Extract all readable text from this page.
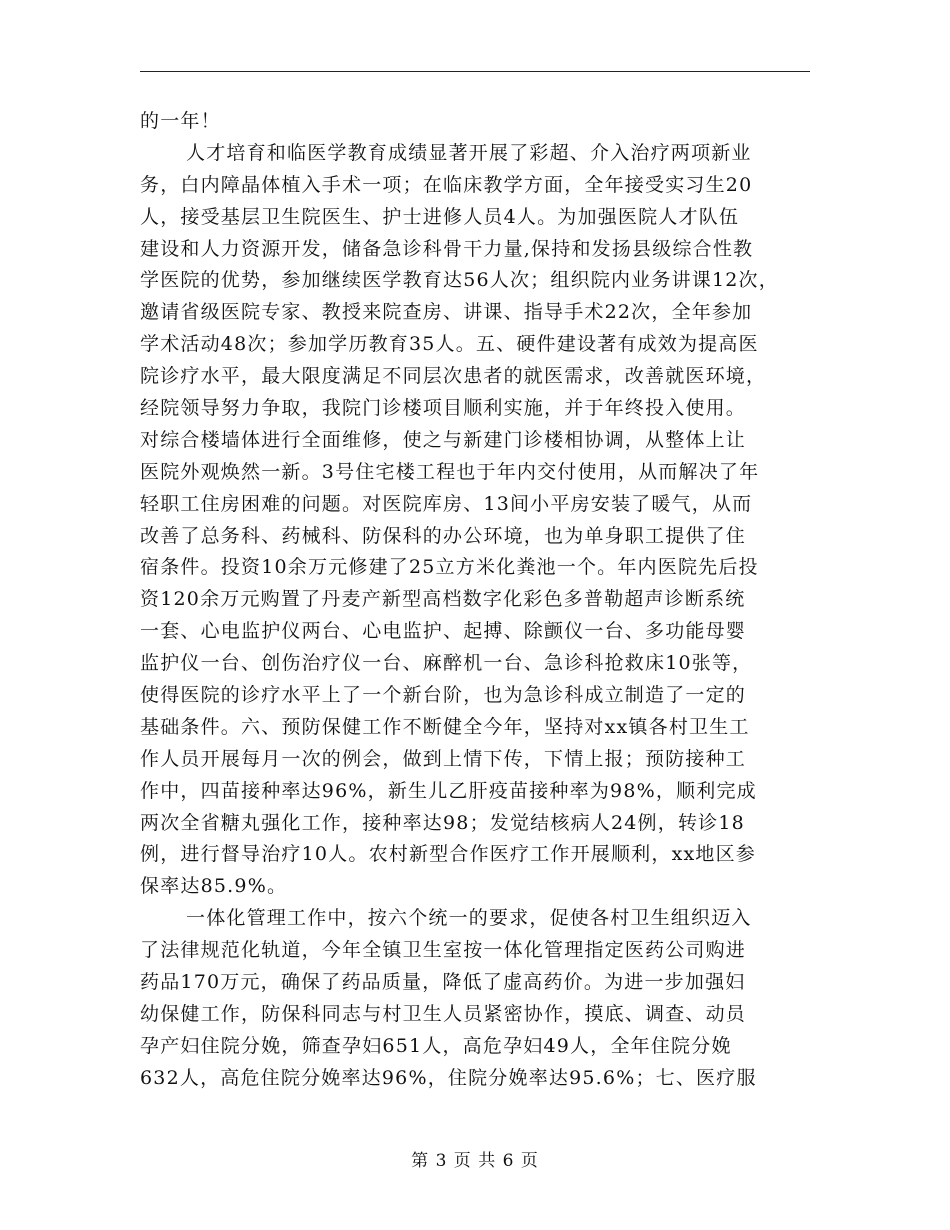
的一年！
人才培育和临医学教育成绩显著开展了彩超、介入治疗两项新业
务，白内障晶体植入手术一项；在临床教学方面，全年接受实习生20
人，接受基层卫生院医生、护士进修人员4人。为加强医院人才队伍
建设和人力资源开发，储备急诊科骨干力量,保持和发扬县级综合性教
学医院的优势，参加继续医学教育达56人次；组织院内业务讲课12次，
邀请省级医院专家、教授来院查房、讲课、指导手术22次，全年参加
学术活动48次；参加学历教育35人。五、硬件建设著有成效为提高医
院诊疗水平，最大限度满足不同层次患者的就医需求，改善就医环境，
经院领导努力争取，我院门诊楼项目顺利实施，并于年终投入使用。
对综合楼墙体进行全面维修，使之与新建门诊楼相协调，从整体上让
医院外观焕然一新。3号住宅楼工程也于年内交付使用，从而解决了年
轻职工住房困难的问题。对医院库房、13间小平房安装了暖气，从而
改善了总务科、药械科、防保科的办公环境，也为单身职工提供了住
宿条件。投资10余万元修建了25立方米化粪池一个。年内医院先后投
资120余万元购置了丹麦产新型高档数字化彩色多普勒超声诊断系统
一套、心电监护仪两台、心电监护、起搏、除颤仪一台、多功能母婴
监护仪一台、创伤治疗仪一台、麻醉机一台、急诊科抢救床10张等，
使得医院的诊疗水平上了一个新台阶，也为急诊科成立制造了一定的
基础条件。六、预防保健工作不断健全今年，坚持对xx镇各村卫生工
作人员开展每月一次的例会，做到上情下传，下情上报；预防接种工
作中，四苗接种率达96%，新生儿乙肝疫苗接种率为98%，顺利完成
两次全省糖丸强化工作，接种率达98；发觉结核病人24例，转诊18
例，进行督导治疗10人。农村新型合作医疗工作开展顺利，xx地区参
保率达85.9%。
一体化管理工作中，按六个统一的要求，促使各村卫生组织迈入
了法律规范化轨道，今年全镇卫生室按一体化管理指定医药公司购进
药品170万元，确保了药品质量，降低了虚高药价。为进一步加强妇
幼保健工作，防保科同志与村卫生人员紧密协作，摸底、调查、动员
孕产妇住院分娩，筛查孕妇651人，高危孕妇49人，全年住院分娩
632人，高危住院分娩率达96%，住院分娩率达95.6%；七、医疗服
第 3 页 共 6 页
